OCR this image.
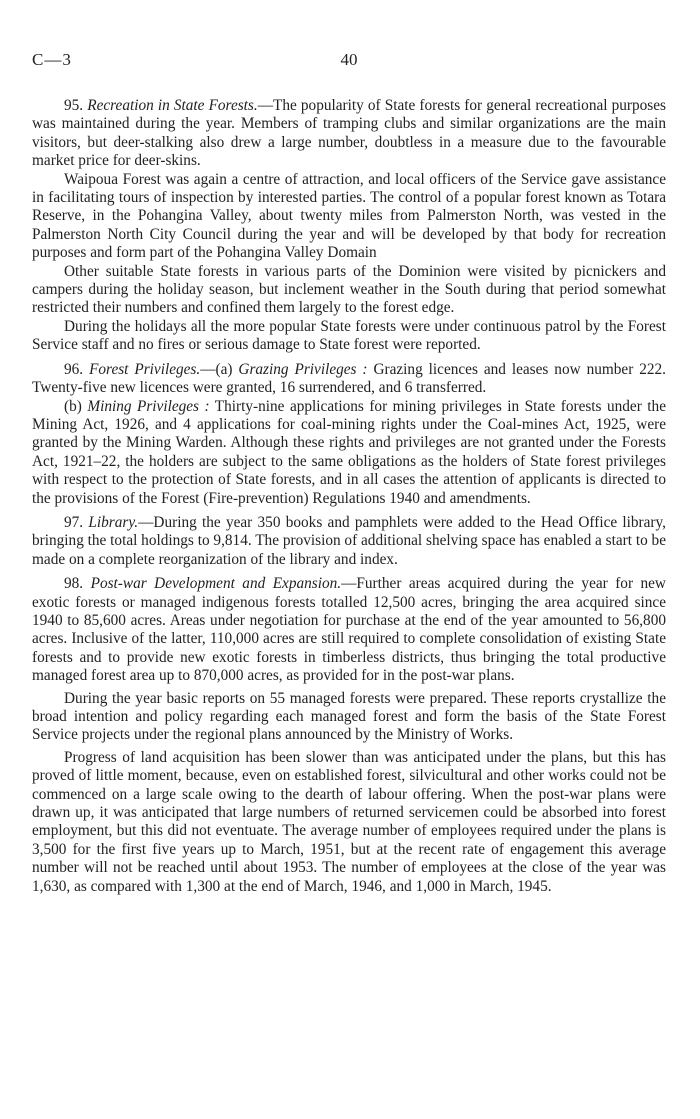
C—3	40

95. Recreation in State Forests.—The popularity of State forests for general recreational purposes was maintained during the year. Members of tramping clubs and similar organizations are the main visitors, but deer-stalking also drew a large number, doubtless in a measure due to the favourable market price for deer-skins.

Waipoua Forest was again a centre of attraction, and local officers of the Service gave assistance in facilitating tours of inspection by interested parties. The control of a popular forest known as Totara Reserve, in the Pohangina Valley, about twenty miles from Palmerston North, was vested in the Palmerston North City Council during the year and will be developed by that body for recreation purposes and form part of the Pohangina Valley Domain

Other suitable State forests in various parts of the Dominion were visited by picnickers and campers during the holiday season, but inclement weather in the South during that period somewhat restricted their numbers and confined them largely to the forest edge.

During the holidays all the more popular State forests were under continuous patrol by the Forest Service staff and no fires or serious damage to State forest were reported.

96. Forest Privileges.—(a) Grazing Privileges : Grazing licences and leases now number 222. Twenty-five new licences were granted, 16 surrendered, and 6 transferred.

(b) Mining Privileges : Thirty-nine applications for mining privileges in State forests under the Mining Act, 1926, and 4 applications for coal-mining rights under the Coal-mines Act, 1925, were granted by the Mining Warden. Although these rights and privileges are not granted under the Forests Act, 1921–22, the holders are subject to the same obligations as the holders of State forest privileges with respect to the protection of State forests, and in all cases the attention of applicants is directed to the provisions of the Forest (Fire-prevention) Regulations 1940 and amendments.

97. Library.—During the year 350 books and pamphlets were added to the Head Office library, bringing the total holdings to 9,814. The provision of additional shelving space has enabled a start to be made on a complete reorganization of the library and index.

98. Post-war Development and Expansion.—Further areas acquired during the year for new exotic forests or managed indigenous forests totalled 12,500 acres, bringing the area acquired since 1940 to 85,600 acres. Areas under negotiation for purchase at the end of the year amounted to 56,800 acres. Inclusive of the latter, 110,000 acres are still required to complete consolidation of existing State forests and to provide new exotic forests in timberless districts, thus bringing the total productive managed forest area up to 870,000 acres, as provided for in the post-war plans.

During the year basic reports on 55 managed forests were prepared. These reports crystallize the broad intention and policy regarding each managed forest and form the basis of the State Forest Service projects under the regional plans announced by the Ministry of Works.

Progress of land acquisition has been slower than was anticipated under the plans, but this has proved of little moment, because, even on established forest, silvicultural and other works could not be commenced on a large scale owing to the dearth of labour offering. When the post-war plans were drawn up, it was anticipated that large numbers of returned servicemen could be absorbed into forest employment, but this did not eventuate. The average number of employees required under the plans is 3,500 for the first five years up to March, 1951, but at the recent rate of engagement this average number will not be reached until about 1953. The number of employees at the close of the year was 1,630, as compared with 1,300 at the end of March, 1946, and 1,000 in March, 1945.
